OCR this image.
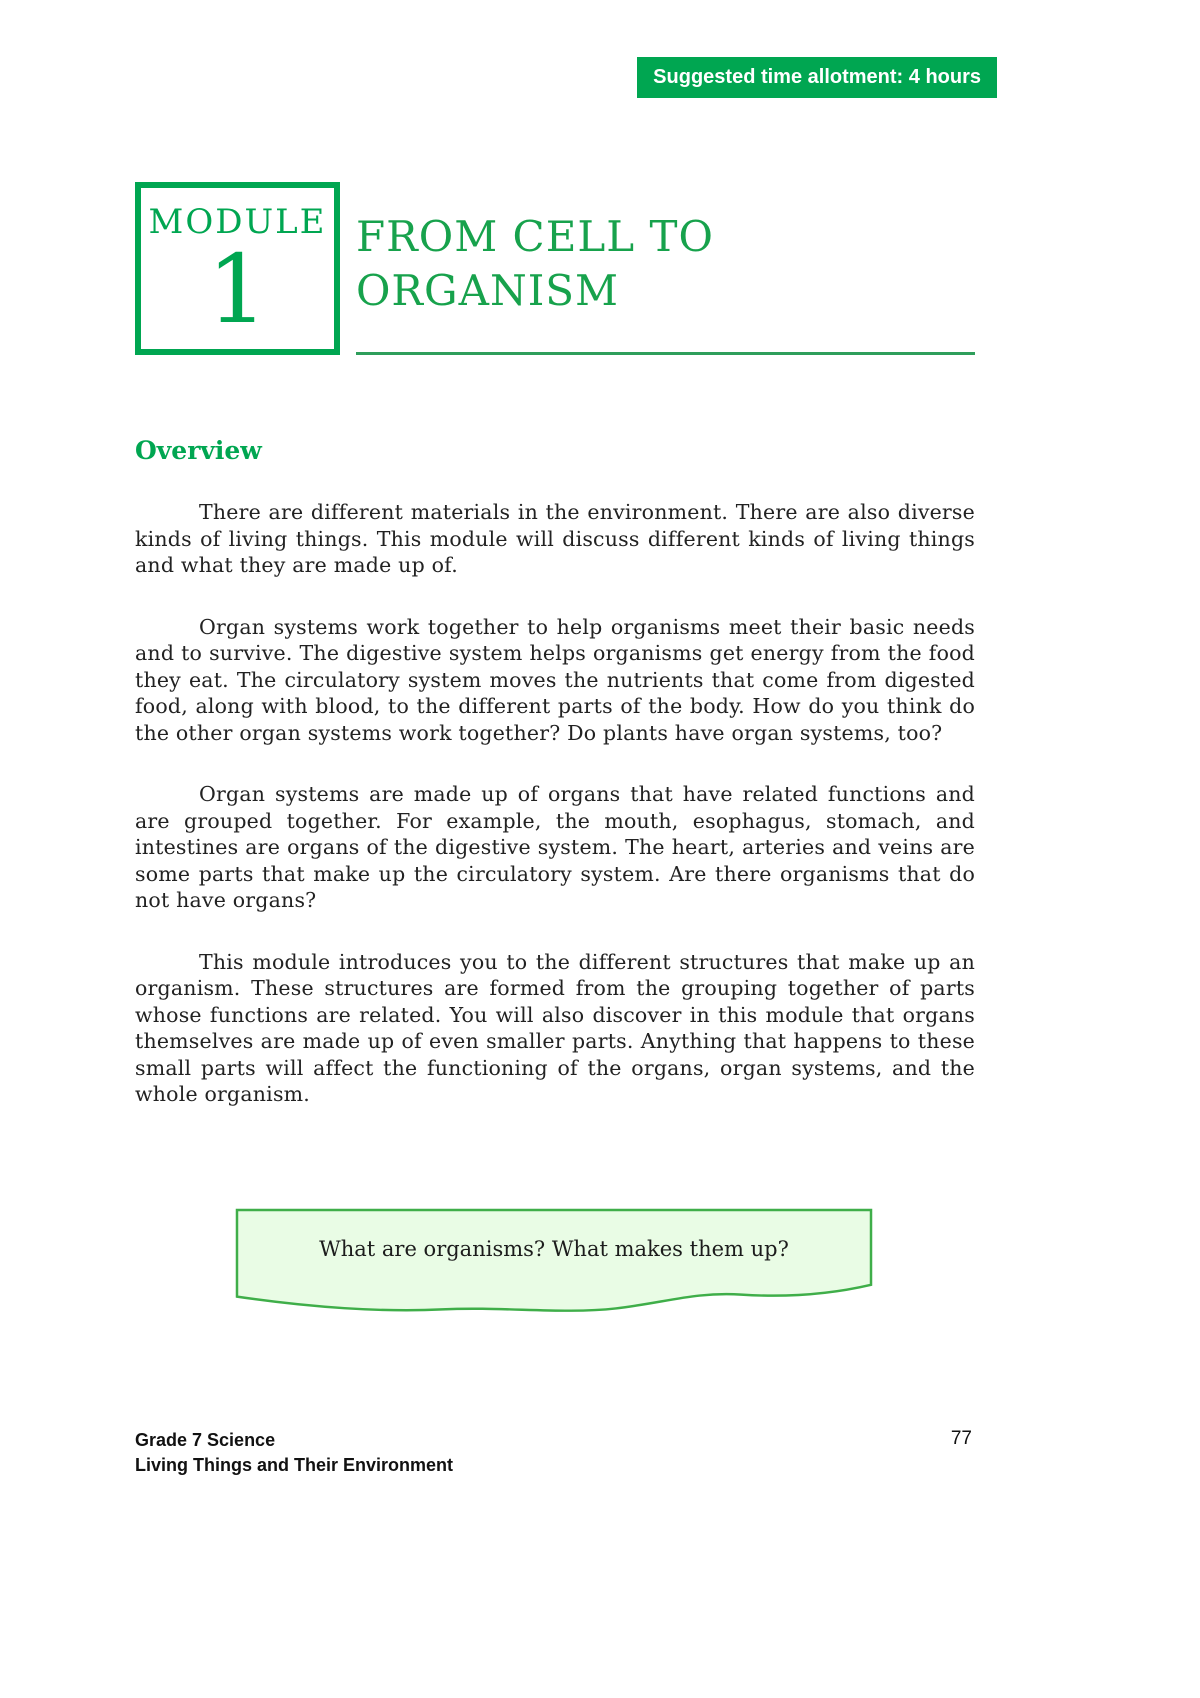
Suggested time allotment: 4 hours
MODULE
1 FROM CELL TO
ORGANISM
Overview

There are different materials in the environment. There are also diverse kinds of living things. This module will discuss different kinds of living things and what they are made up of.

Organ systems work together to help organisms meet their basic needs and to survive. The digestive system helps organisms get energy from the food they eat. The circulatory system moves the nutrients that come from digested food, along with blood, to the different parts of the body. How do you think do the other organ systems work together? Do plants have organ systems, too?

Organ systems are made up of organs that have related functions and are grouped together. For example, the mouth, esophagus, stomach, and intestines are organs of the digestive system. The heart, arteries and veins are some parts that make up the circulatory system. Are there organisms that do not have organs?

This module introduces you to the different structures that make up an organism. These structures are formed from the grouping together of parts whose functions are related. You will also discover in this module that organs themselves are made up of even smaller parts. Anything that happens to these small parts will affect the functioning of the organs, organ systems, and the whole organism.

What are organisms? What makes them up?
Grade 7 Science
Living Things and Their Environment
77
